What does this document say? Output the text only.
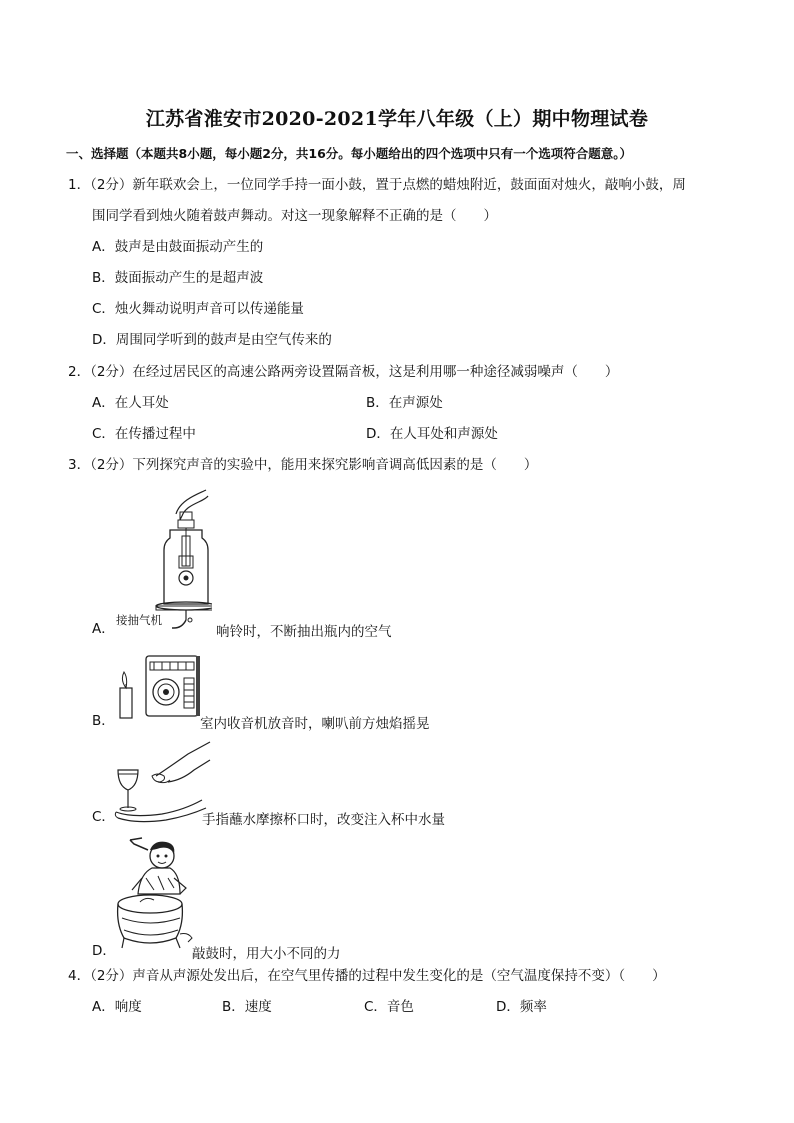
江苏省淮安市2020-2021学年八年级（上）期中物理试卷
一、选择题（本题共8小题，每小题2分，共16分。每小题给出的四个选项中只有一个选项符合题意。）
1．（2分）新年联欢会上，一位同学手持一面小鼓，置于点燃的蜡烛附近，鼓面面对烛火，敲响小鼓，周
围同学看到烛火随着鼓声舞动。对这一现象解释不正确的是（　　）
A．鼓声是由鼓面振动产生的
B．鼓面振动产生的是超声波
C．烛火舞动说明声音可以传递能量
D．周围同学听到的鼓声是由空气传来的
2．（2分）在经过居民区的高速公路两旁设置隔音板，这是利用哪一种途径减弱噪声（　　）
A．在人耳处	B．在声源处
C．在传播过程中	D．在人耳处和声源处
3．（2分）下列探究声音的实验中，能用来探究影响音调高低因素的是（　　）
A．
接抽气机
响铃时，不断抽出瓶内的空气
B．	室内收音机放音时，喇叭前方烛焰摇晃
C．	手指蘸水摩擦杯口时，改变注入杯中水量
D．	敲鼓时，用大小不同的力
4．（2分）声音从声源处发出后，在空气里传播的过程中发生变化的是（空气温度保持不变）（　　）
A．响度	B．速度	C．音色	D．频率
